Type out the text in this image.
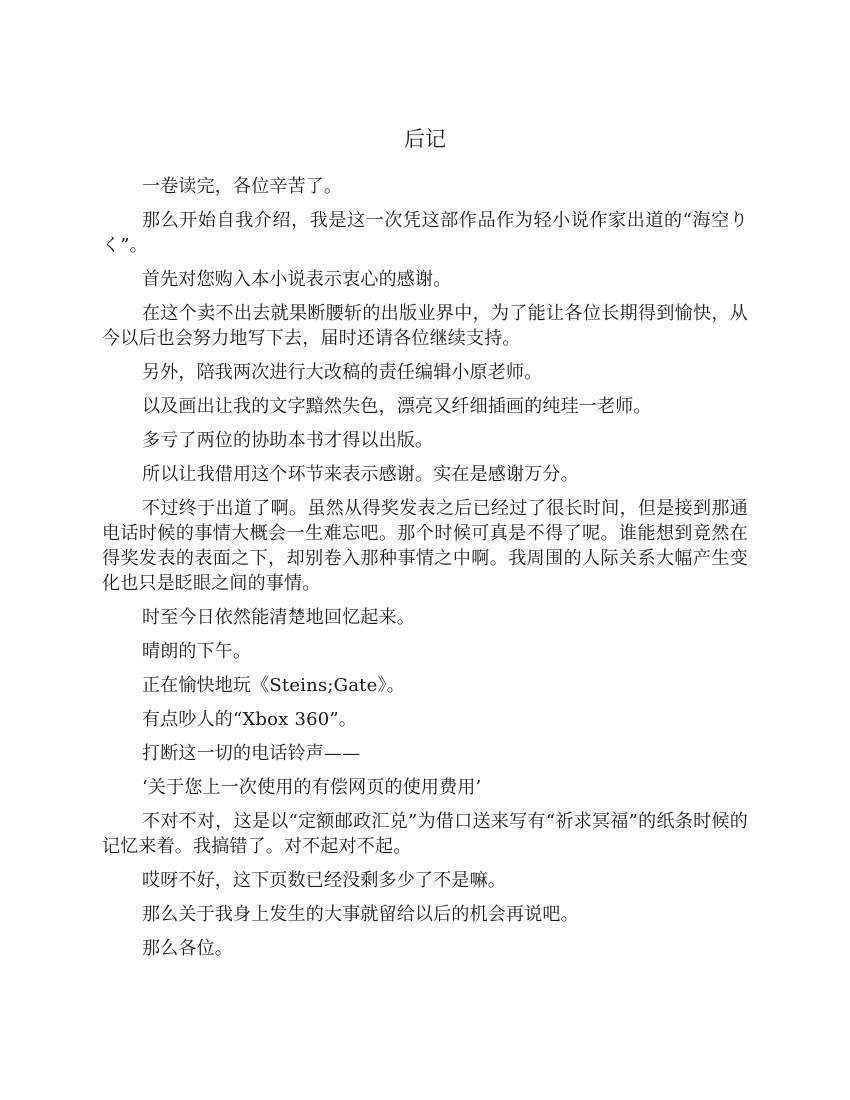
后记

一卷读完，各位辛苦了。

那么开始自我介绍，我是这一次凭这部作品作为轻小说作家出道的“海空りく”。

首先对您购入本小说表示衷心的感谢。

在这个卖不出去就果断腰斩的出版业界中，为了能让各位长期得到愉快，从今以后也会努力地写下去，届时还请各位继续支持。

另外，陪我两次进行大改稿的责任编辑小原老师。

以及画出让我的文字黯然失色，漂亮又纤细插画的纯珪一老师。

多亏了两位的协助本书才得以出版。

所以让我借用这个环节来表示感谢。实在是感谢万分。

不过终于出道了啊。虽然从得奖发表之后已经过了很长时间，但是接到那通电话时候的事情大概会一生难忘吧。那个时候可真是不得了呢。谁能想到竟然在得奖发表的表面之下，却别卷入那种事情之中啊。我周围的人际关系大幅产生变化也只是眨眼之间的事情。

时至今日依然能清楚地回忆起来。

晴朗的下午。

正在愉快地玩《Steins;Gate》。

有点吵人的“Xbox 360”。

打断这一切的电话铃声——

‘关于您上一次使用的有偿网页的使用费用’

不对不对，这是以“定额邮政汇兑”为借口送来写有“祈求冥福”的纸条时候的记忆来着。我搞错了。对不起对不起。

哎呀不好，这下页数已经没剩多少了不是嘛。

那么关于我身上发生的大事就留给以后的机会再说吧。

那么各位。
